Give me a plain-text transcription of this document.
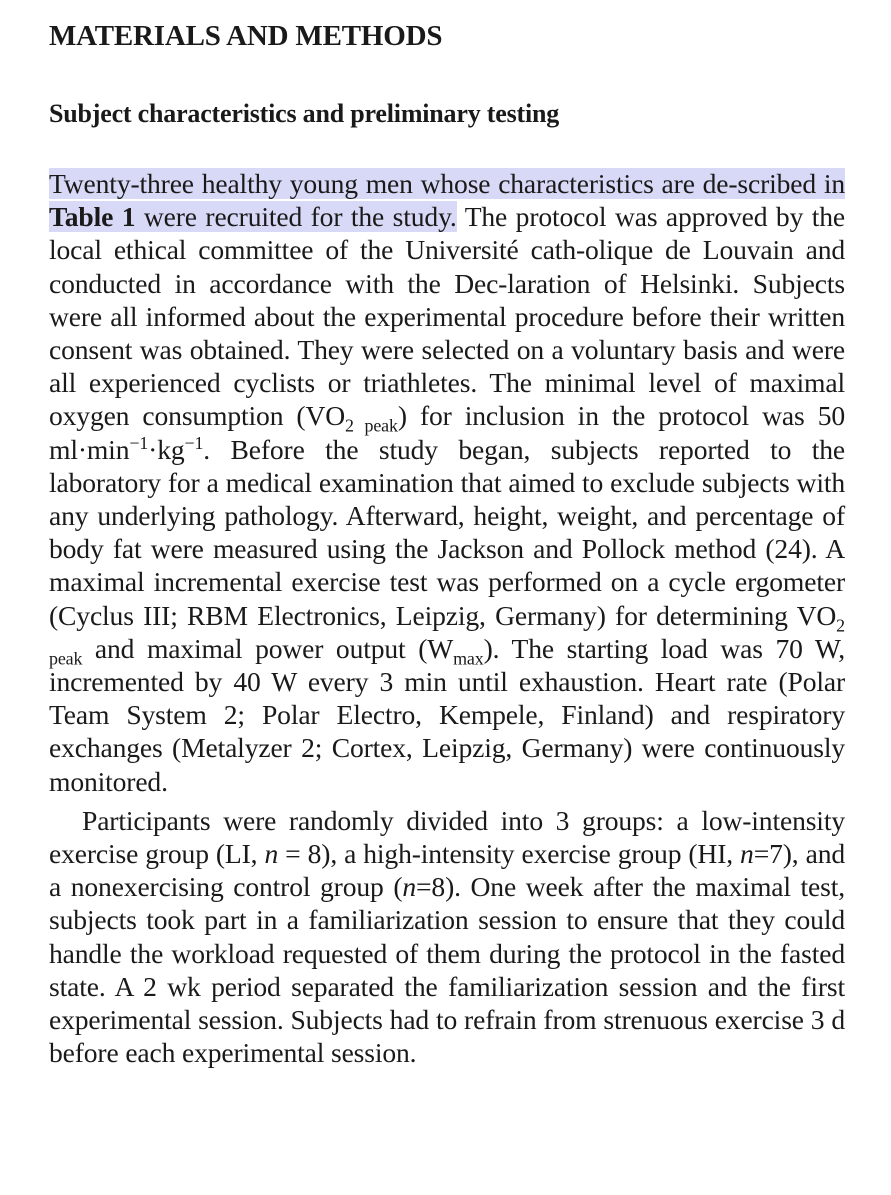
MATERIALS AND METHODS
Subject characteristics and preliminary testing

Twenty-three healthy young men whose characteristics are de-scribed in Table 1 were recruited for the study. The protocol was approved by the local ethical committee of the Université cath-olique de Louvain and conducted in accordance with the Dec-laration of Helsinki. Subjects were all informed about the experimental procedure before their written consent was obtained. They were selected on a voluntary basis and were all experienced cyclists or triathletes. The minimal level of maximal oxygen consumption $(VO_{2 peak})$ for inclusion in the protocol was 50 $ml\cdot\min^{-1}\cdot kg^{-1}$. Before the study began, subjects reported to the laboratory for a medical examination that aimed to exclude subjects with any underlying pathology. Afterward, height, weight, and percentage of body fat were measured using the Jackson and Pollock method (24). A maximal incremental exercise test was performed on a cycle ergometer (Cyclus III; RBM Electronics, Leipzig, Germany) for determining $VO_{2 peak}$ and maximal power output $(W_{max})$. The starting load was 70 W, incremented by 40 W every 3 min until exhaustion. Heart rate (Polar Team System 2; Polar Electro, Kempele, Finland) and respiratory exchanges (Metalyzer 2; Cortex, Leipzig, Germany) were continuously monitored.

Participants were randomly divided into 3 groups: a low-intensity exercise group (LI, n = 8), a high-intensity exercise group (HI, n=7), and a nonexercising control group (n=8). One week after the maximal test, subjects took part in a familiarization session to ensure that they could handle the workload requested of them during the protocol in the fasted state. A 2 wk period separated the familiarization session and the first experimental session. Subjects had to refrain from strenuous exercise 3 d before each experimental session.
